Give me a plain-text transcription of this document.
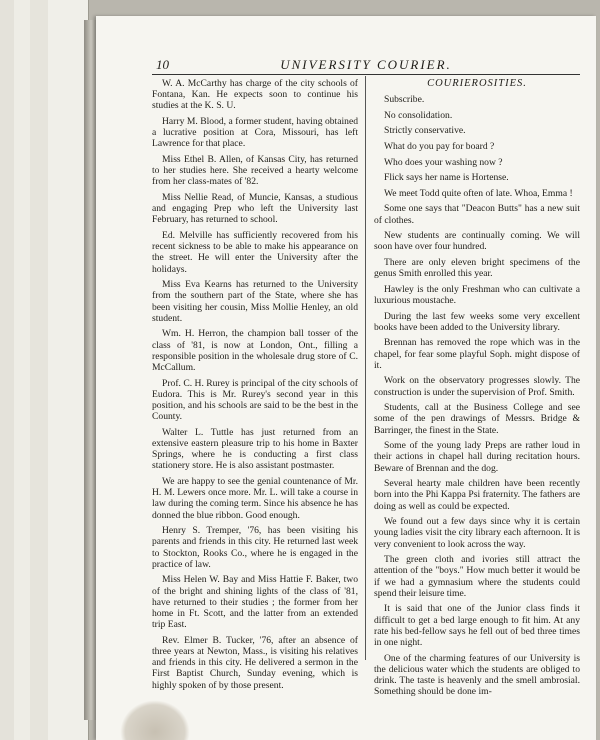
10	UNIVERSITY COURIER.

W. A. McCarthy has charge of the city schools of Fontana, Kan. He expects soon to continue his studies at the K. S. U.

Harry M. Blood, a former student, having obtained a lucrative position at Cora, Missouri, has left Lawrence for that place.

Miss Ethel B. Allen, of Kansas City, has returned to her studies here. She received a hearty welcome from her class-mates of '82.

Miss Nellie Read, of Muncie, Kansas, a studious and engaging Prep who left the University last February, has returned to school.

Ed. Melville has sufficiently recovered from his recent sickness to be able to make his appearance on the street. He will enter the University after the holidays.

Miss Eva Kearns has returned to the University from the southern part of the State, where she has been visiting her cousin, Miss Mollie Henley, an old student.

Wm. H. Herron, the champion ball tosser of the class of '81, is now at London, Ont., filling a responsible position in the wholesale drug store of C. McCallum.

Prof. C. H. Rurey is principal of the city schools of Eudora. This is Mr. Rurey's second year in this position, and his schools are said to be the best in the County.

Walter L. Tuttle has just returned from an extensive eastern pleasure trip to his home in Baxter Springs, where he is conducting a first class stationery store. He is also assistant postmaster.

We are happy to see the genial countenance of Mr. H. M. Lewers once more. Mr. L. will take a course in law during the coming term. Since his absence he has donned the blue ribbon. Good enough.

Henry S. Tremper, '76, has been visiting his parents and friends in this city. He returned last week to Stockton, Rooks Co., where he is engaged in the practice of law.

Miss Helen W. Bay and Miss Hattie F. Baker, two of the bright and shining lights of the class of '81, have returned to their studies ; the former from her home in Ft. Scott, and the latter from an extended trip East.

Rev. Elmer B. Tucker, '76, after an absence of three years at Newton, Mass., is visiting his relatives and friends in this city. He delivered a sermon in the First Baptist Church, Sunday evening, which is highly spoken of by those present.

COURIEROSITIES.

Subscribe.

No consolidation.

Strictly conservative.

What do you pay for board ?

Who does your washing now ?

Flick says her name is Hortense.

We meet Todd quite often of late. Whoa, Emma !

Some one says that "Deacon Butts" has a new suit of clothes.

New students are continually coming. We will soon have over four hundred.

There are only eleven bright specimens of the genus Smith enrolled this year.

Hawley is the only Freshman who can cultivate a luxurious moustache.

During the last few weeks some very excellent books have been added to the University library.

Brennan has removed the rope which was in the chapel, for fear some playful Soph. might dispose of it.

Work on the observatory progresses slowly. The construction is under the supervision of Prof. Smith.

Students, call at the Business College and see some of the pen drawings of Messrs. Bridge & Barringer, the finest in the State.

Some of the young lady Preps are rather loud in their actions in chapel hall during recitation hours. Beware of Brennan and the dog.

Several hearty male children have been recently born into the Phi Kappa Psi fraternity. The fathers are doing as well as could be expected.

We found out a few days since why it is certain young ladies visit the city library each afternoon. It is very convenient to look across the way.

The green cloth and ivories still attract the attention of the "boys." How much better it would be if we had a gymnasium where the students could spend their leisure time.

It is said that one of the Junior class finds it difficult to get a bed large enough to fit him. At any rate his bed-fellow says he fell out of bed three times in one night.

One of the charming features of our University is the delicious water which the students are obliged to drink. The taste is heavenly and the smell ambrosial. Something should be done im-
